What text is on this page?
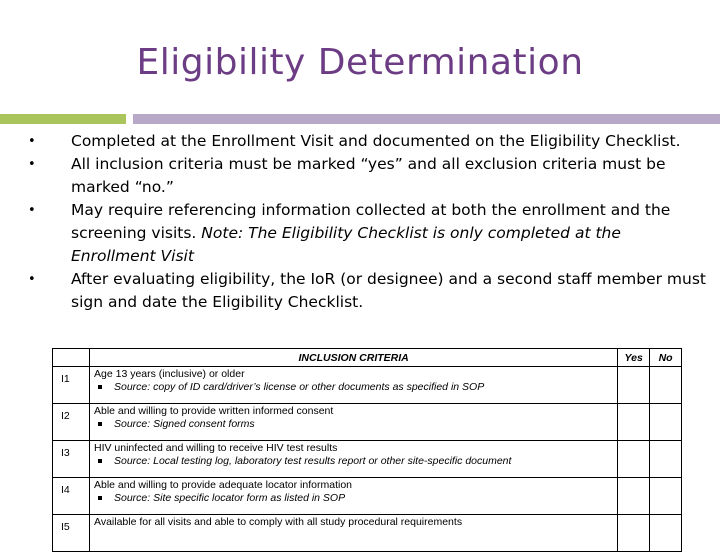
Eligibility Determination
• Completed at the Enrollment Visit and documented on the Eligibility Checklist.
• All inclusion criteria must be marked “yes” and all exclusion criteria must be marked “no.”
• May require referencing information collected at both the enrollment and the screening visits. Note: The Eligibility Checklist is only completed at the Enrollment Visit
• After evaluating eligibility, the IoR (or designee) and a second staff member must sign and date the Eligibility Checklist.
	INCLUSION CRITERIA	Yes	No
I1	Age 13 years (inclusive) or older
Source: copy of ID card/driver’s license or other documents as specified in SOP		

I2	Able and willing to provide written informed consent
Source: Signed consent forms		

I3	HIV uninfected and willing to receive HIV test results
Source: Local testing log, laboratory test results report or other site-specific document		

I4	Able and willing to provide adequate locator information
Source: Site specific locator form as listed in SOP		

I5	Available for all visits and able to comply with all study procedural requirements		
